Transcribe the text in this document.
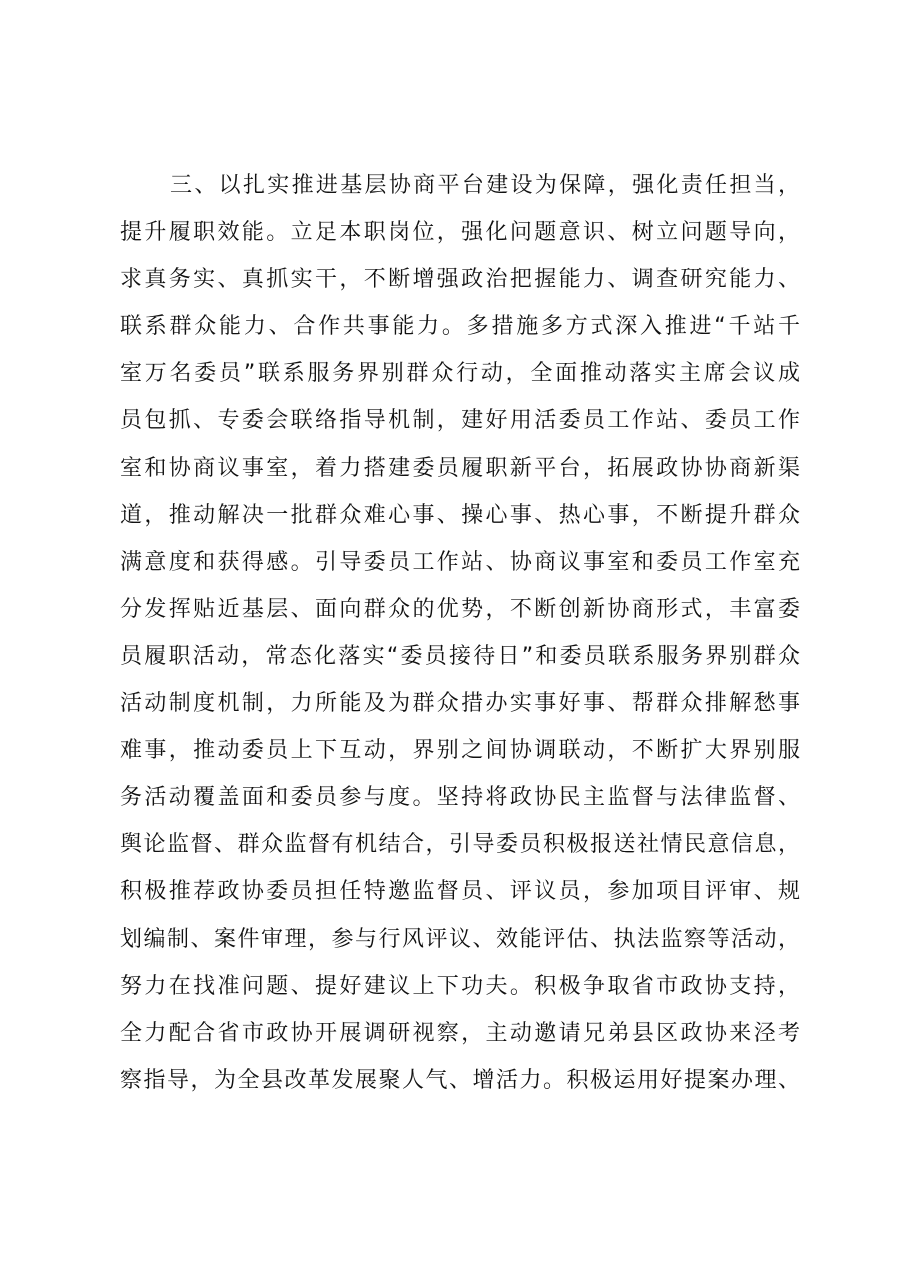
三、以扎实推进基层协商平台建设为保障，强化责任担当，
提升履职效能。立足本职岗位，强化问题意识、树立问题导向，
求真务实、真抓实干，不断增强政治把握能力、调查研究能力、
联系群众能力、合作共事能力。多措施多方式深入推进“千站千
室万名委员”联系服务界别群众行动，全面推动落实主席会议成
员包抓、专委会联络指导机制，建好用活委员工作站、委员工作
室和协商议事室，着力搭建委员履职新平台，拓展政协协商新渠
道，推动解决一批群众难心事、操心事、热心事，不断提升群众
满意度和获得感。引导委员工作站、协商议事室和委员工作室充
分发挥贴近基层、面向群众的优势，不断创新协商形式，丰富委
员履职活动，常态化落实“委员接待日”和委员联系服务界别群众
活动制度机制，力所能及为群众措办实事好事、帮群众排解愁事
难事，推动委员上下互动，界别之间协调联动，不断扩大界别服
务活动覆盖面和委员参与度。坚持将政协民主监督与法律监督、
舆论监督、群众监督有机结合，引导委员积极报送社情民意信息，
积极推荐政协委员担任特邀监督员、评议员，参加项目评审、规
划编制、案件审理，参与行风评议、效能评估、执法监察等活动，
努力在找准问题、提好建议上下功夫。积极争取省市政协支持，
全力配合省市政协开展调研视察，主动邀请兄弟县区政协来泾考
察指导，为全县改革发展聚人气、增活力。积极运用好提案办理、
